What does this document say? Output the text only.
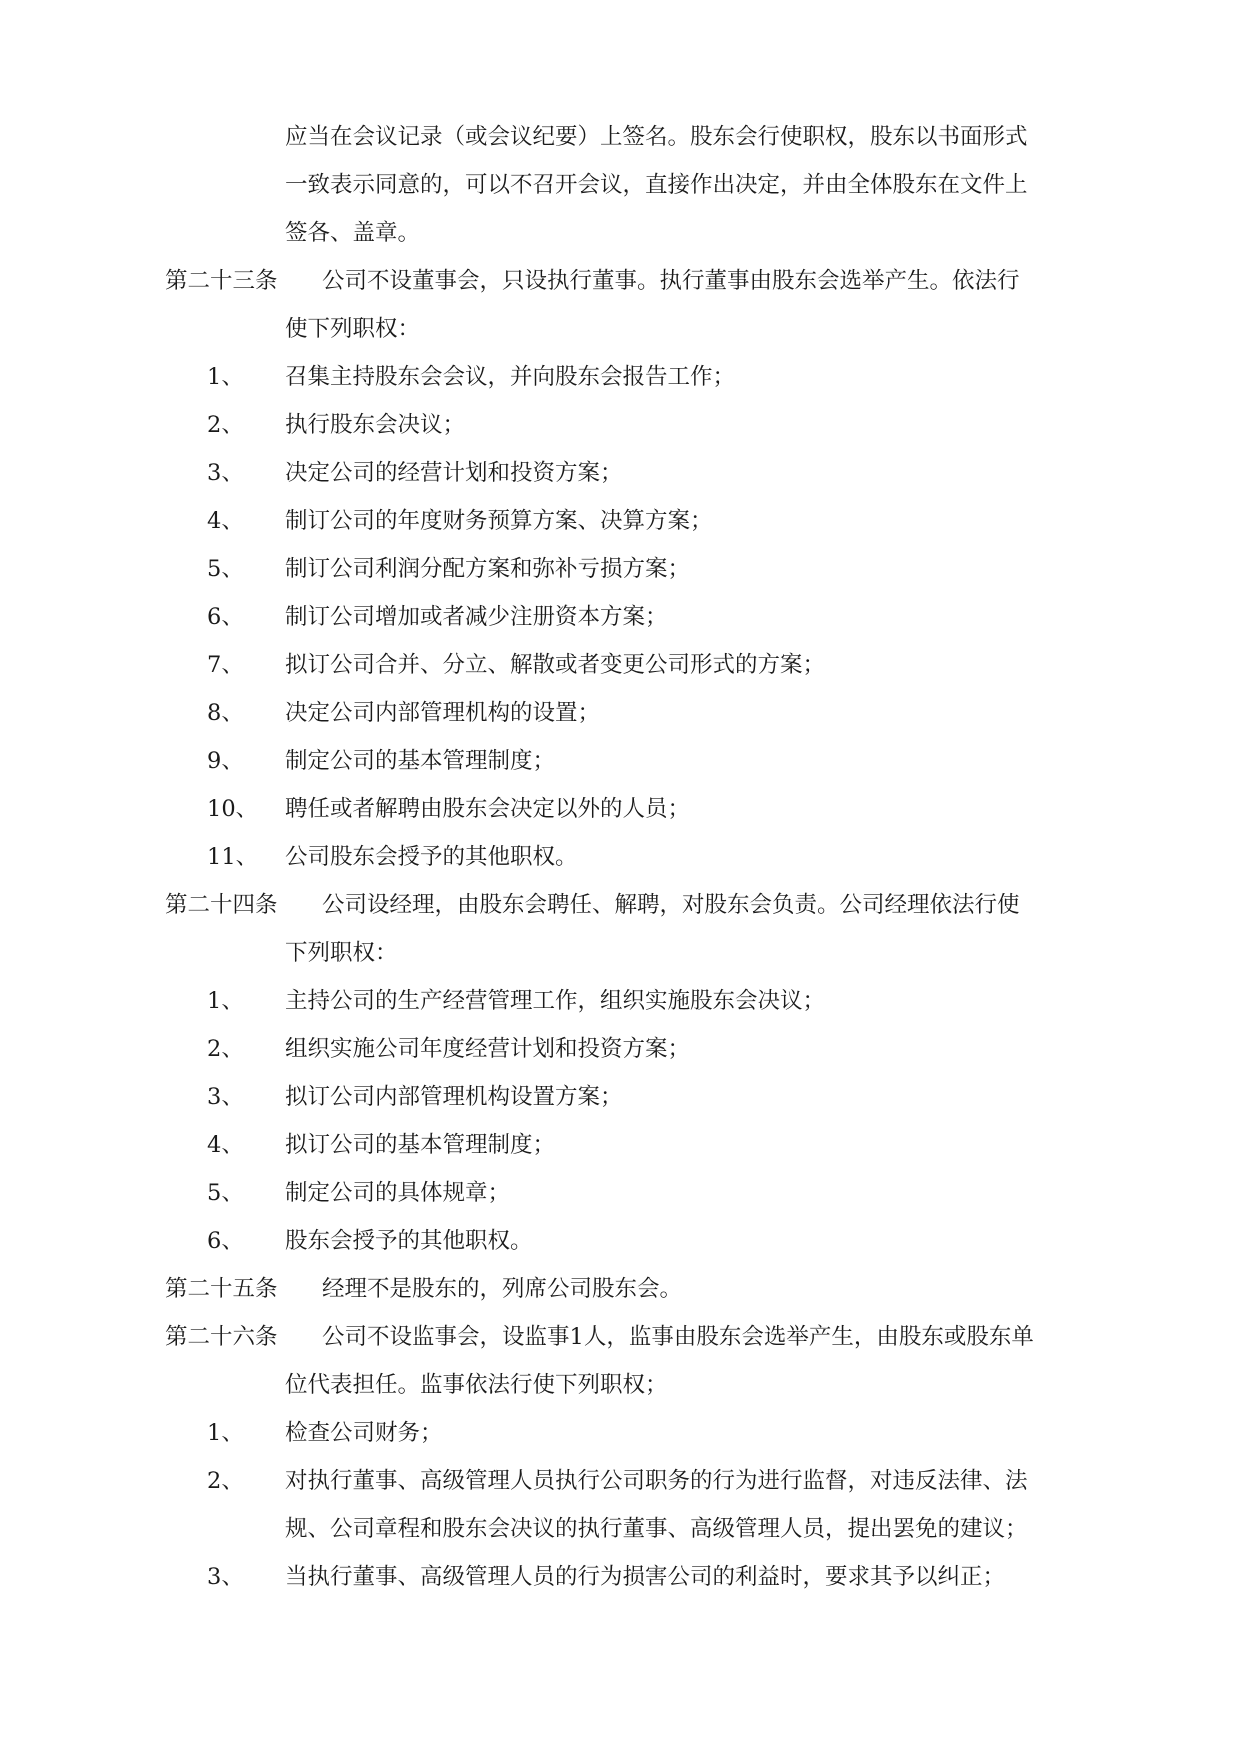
应当在会议记录（或会议纪要）上签名。股东会行使职权，股东以书面形式
一致表示同意的，可以不召开会议，直接作出决定，并由全体股东在文件上
签各、盖章。
第二十三条 公司不设董事会，只设执行董事。执行董事由股东会选举产生。依法行
使下列职权：
1、 召集主持股东会会议，并向股东会报告工作；
2、 执行股东会决议；
3、 决定公司的经营计划和投资方案；
4、 制订公司的年度财务预算方案、决算方案；
5、 制订公司利润分配方案和弥补亏损方案；
6、 制订公司增加或者减少注册资本方案；
7、 拟订公司合并、分立、解散或者变更公司形式的方案；
8、 决定公司内部管理机构的设置；
9、 制定公司的基本管理制度；
10、 聘任或者解聘由股东会决定以外的人员；
11、 公司股东会授予的其他职权。
第二十四条 公司设经理，由股东会聘任、解聘，对股东会负责。公司经理依法行使
下列职权：
1、 主持公司的生产经营管理工作，组织实施股东会决议；
2、 组织实施公司年度经营计划和投资方案；
3、 拟订公司内部管理机构设置方案；
4、 拟订公司的基本管理制度；
5、 制定公司的具体规章；
6、 股东会授予的其他职权。
第二十五条 经理不是股东的，列席公司股东会。
第二十六条 公司不设监事会，设监事1人，监事由股东会选举产生，由股东或股东单
位代表担任。监事依法行使下列职权；
1、 检查公司财务；
2、 对执行董事、高级管理人员执行公司职务的行为进行监督，对违反法律、法
规、公司章程和股东会决议的执行董事、高级管理人员，提出罢免的建议；
3、 当执行董事、高级管理人员的行为损害公司的利益时，要求其予以纠正；
